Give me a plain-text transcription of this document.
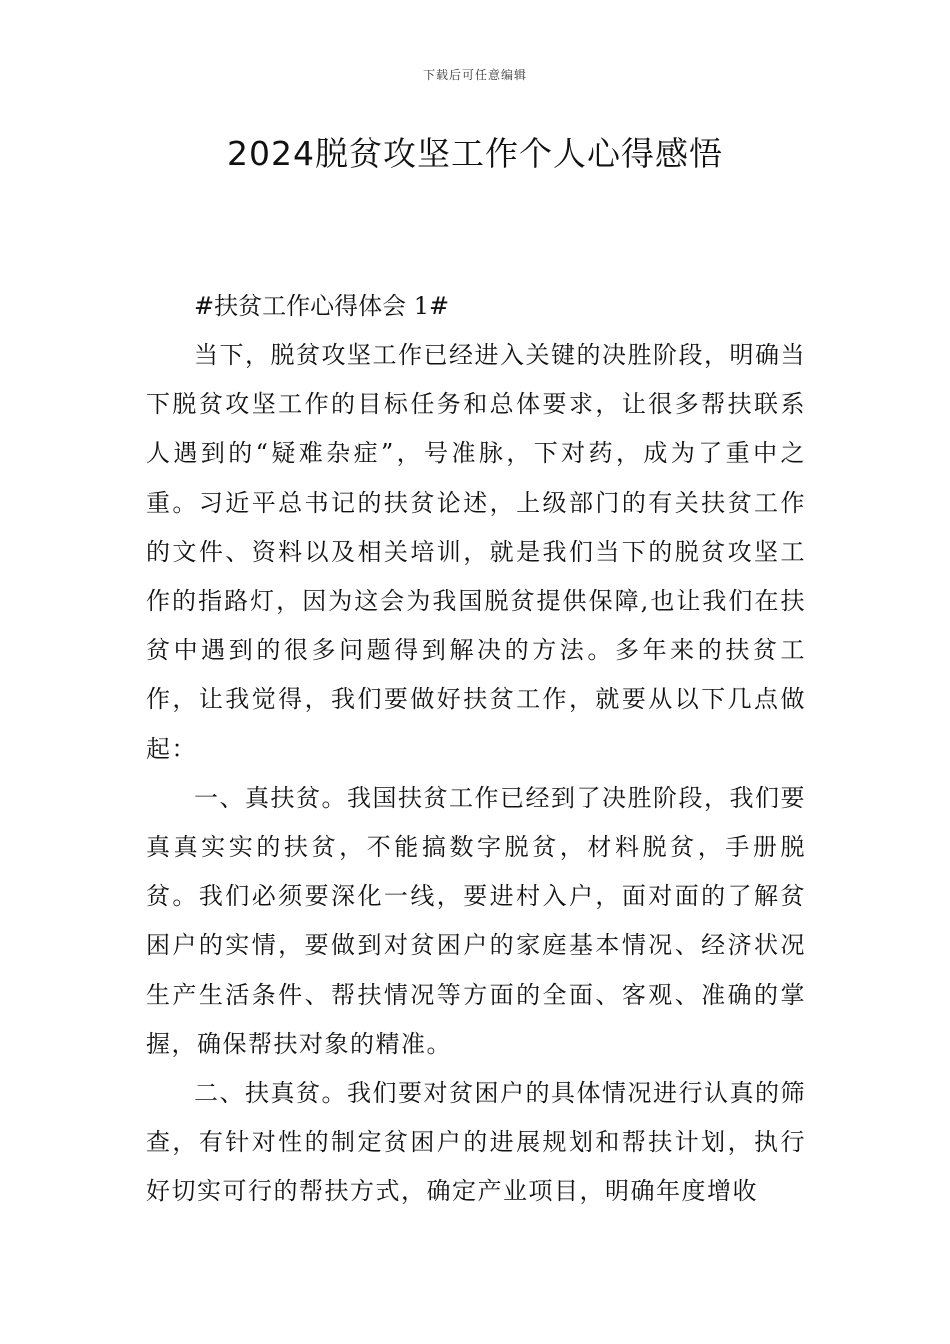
下载后可任意编辑
2024脱贫攻坚工作个人心得感悟

#扶贫工作心得体会 1#

当下，脱贫攻坚工作已经进入关键的决胜阶段，明确当下脱贫攻坚工作的目标任务和总体要求，让很多帮扶联系人遇到的“疑难杂症”，号准脉，下对药，成为了重中之重。习近平总书记的扶贫论述，上级部门的有关扶贫工作的文件、资料以及相关培训，就是我们当下的脱贫攻坚工作的指路灯，因为这会为我国脱贫提供保障,也让我们在扶贫中遇到的很多问题得到解决的方法。多年来的扶贫工作，让我觉得，我们要做好扶贫工作，就要从以下几点做起：

一、真扶贫。我国扶贫工作已经到了决胜阶段，我们要真真实实的扶贫，不能搞数字脱贫，材料脱贫，手册脱贫。我们必须要深化一线，要进村入户，面对面的了解贫困户的实情，要做到对贫困户的家庭基本情况、经济状况生产生活条件、帮扶情况等方面的全面、客观、准确的掌握，确保帮扶对象的精准。

二、扶真贫。我们要对贫困户的具体情况进行认真的筛查，有针对性的制定贫困户的进展规划和帮扶计划，执行好切实可行的帮扶方式，确定产业项目，明确年度增收
